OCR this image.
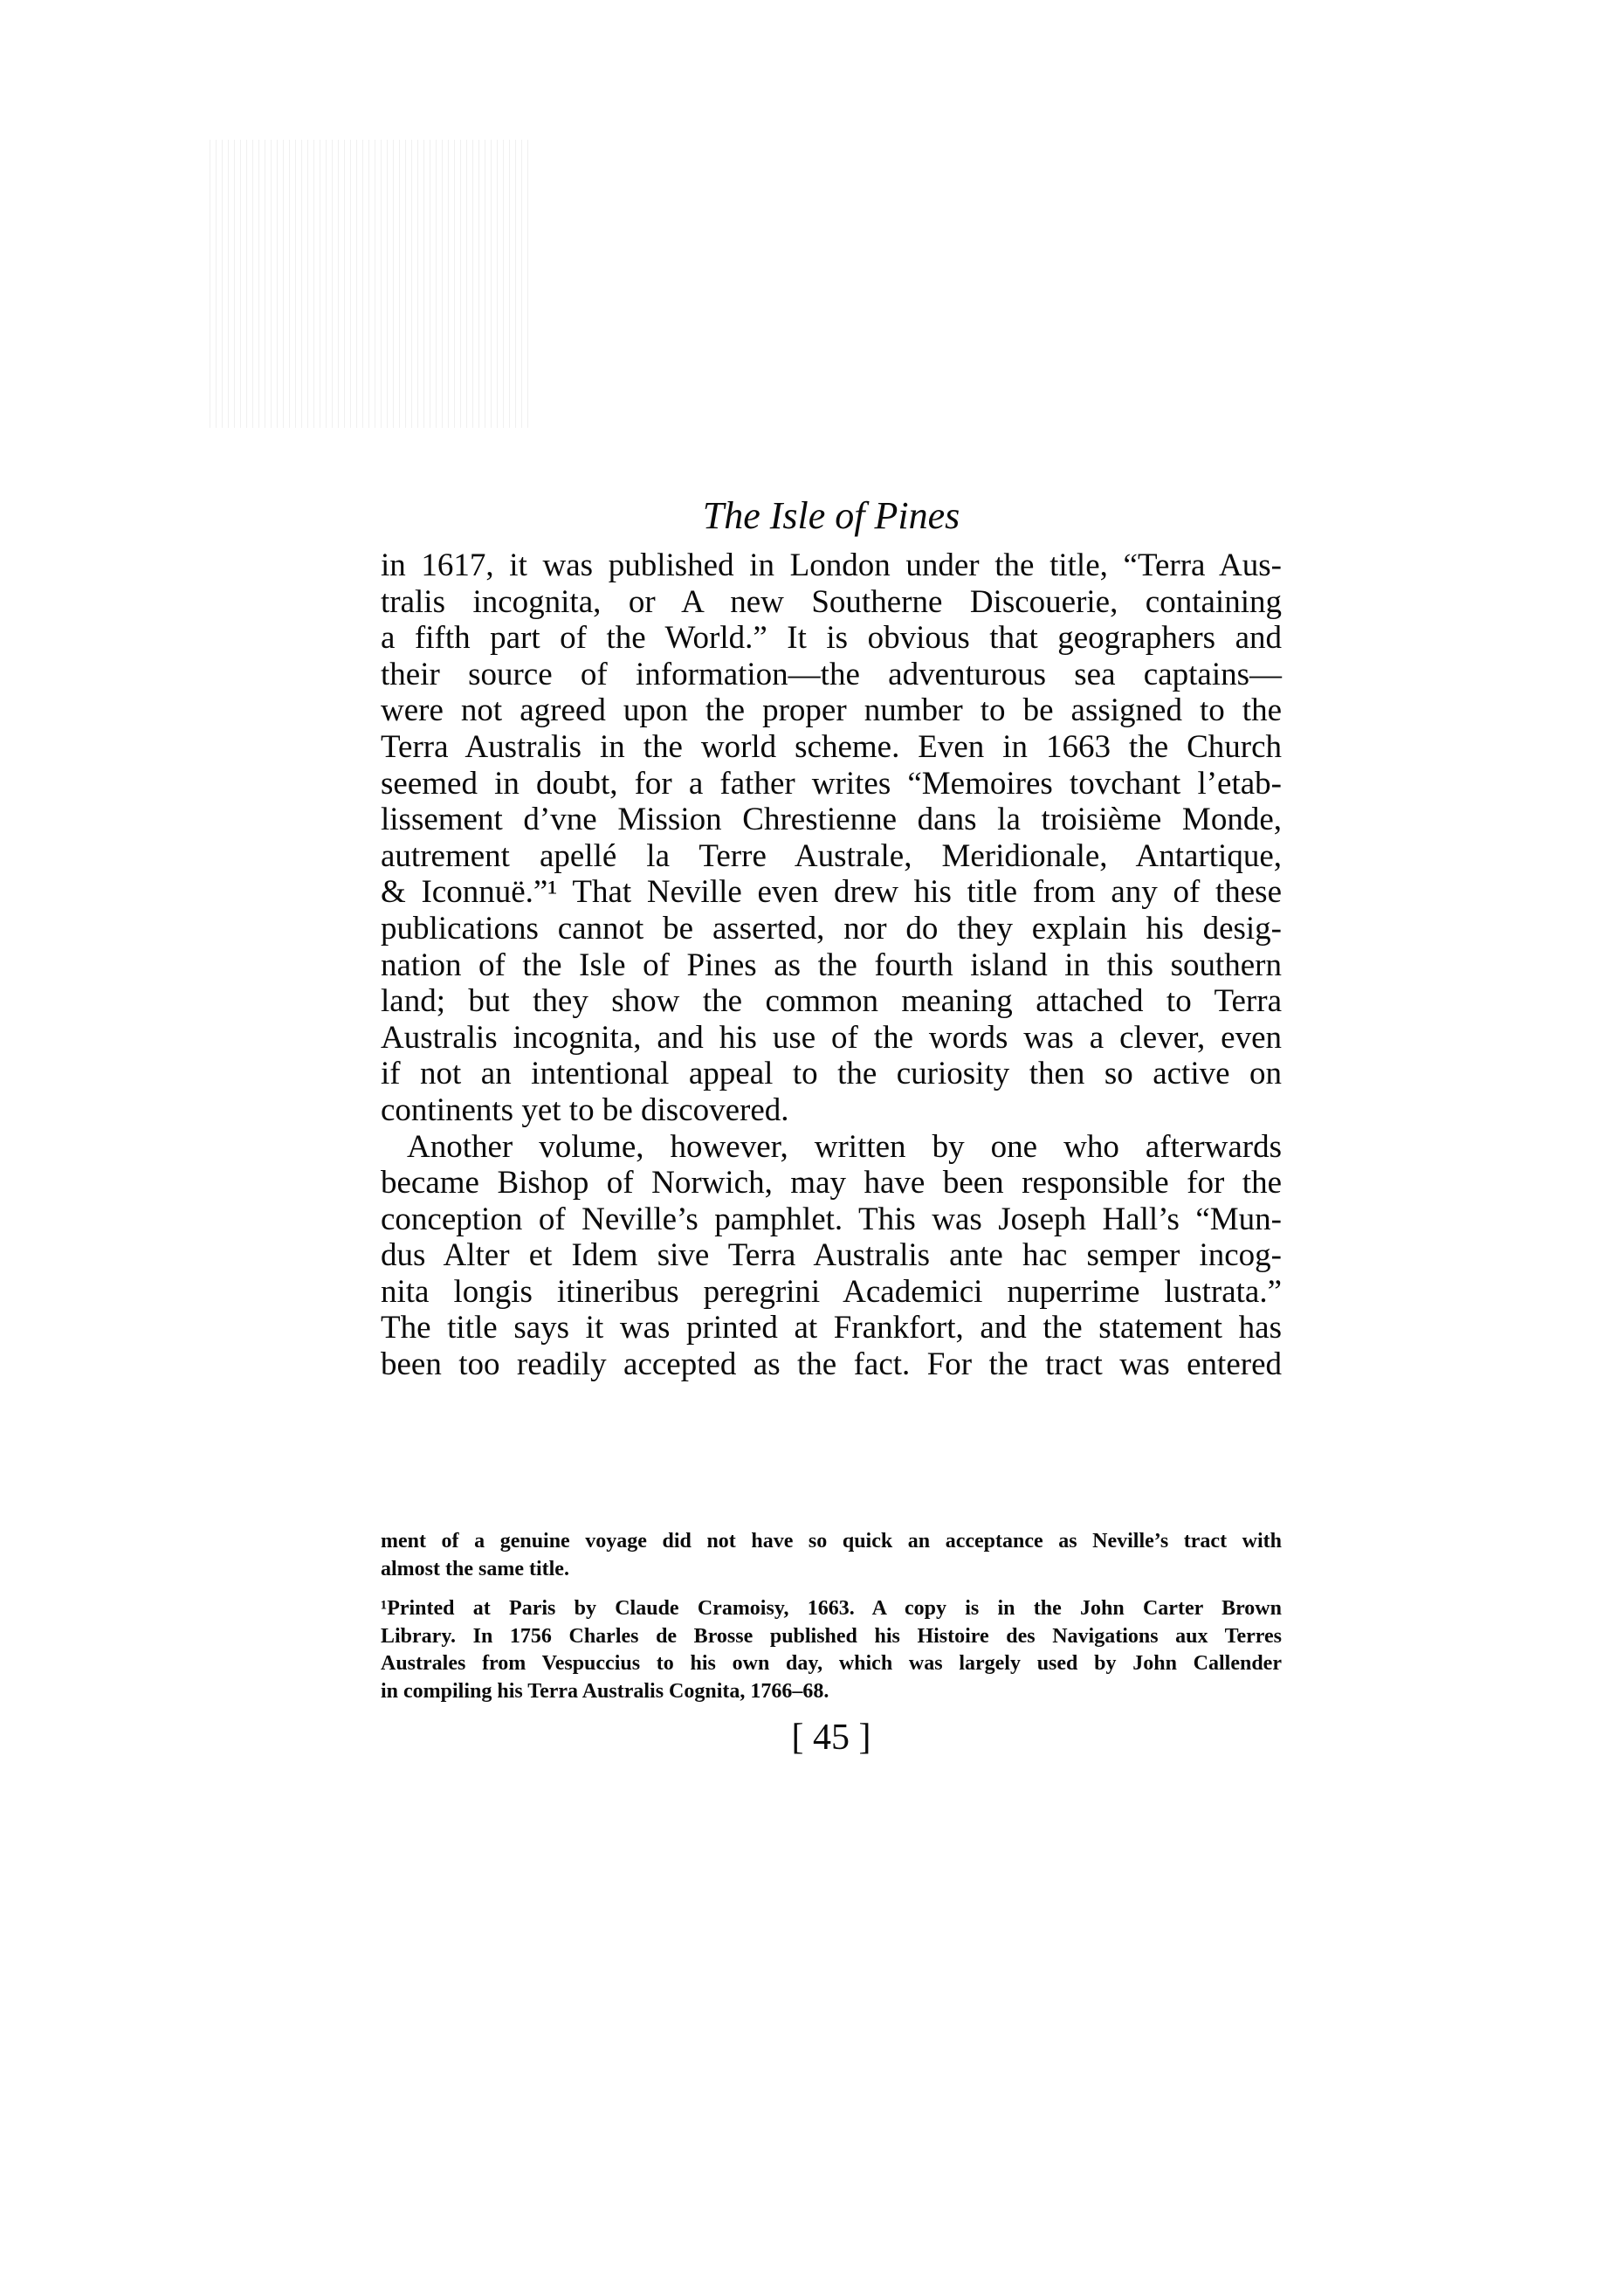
The Isle of Pines
in 1617, it was published in London under the title, “Terra Aus-
tralis incognita, or A new Southerne Discouerie, containing
a fifth part of the World.” It is obvious that geographers and
their source of information—the adventurous sea captains—
were not agreed upon the proper number to be assigned to the
Terra Australis in the world scheme. Even in 1663 the Church
seemed in doubt, for a father writes “Memoires tovchant l’etab-
lissement d’vne Mission Chrestienne dans la troisième Monde,
autrement apellé la Terre Australe, Meridionale, Antartique,
& Iconnuë.”¹ That Neville even drew his title from any of these
publications cannot be asserted, nor do they explain his desig-
nation of the Isle of Pines as the fourth island in this southern
land; but they show the common meaning attached to Terra
Australis incognita, and his use of the words was a clever, even
if not an intentional appeal to the curiosity then so active on
continents yet to be discovered.
Another volume, however, written by one who afterwards
became Bishop of Norwich, may have been responsible for the
conception of Neville’s pamphlet. This was Joseph Hall’s “Mun-
dus Alter et Idem sive Terra Australis ante hac semper incog-
nita longis itineribus peregrini Academici nuperrime lustrata.”
The title says it was printed at Frankfort, and the statement has
been too readily accepted as the fact. For the tract was entered
ment of a genuine voyage did not have so quick an acceptance as Neville’s tract with
almost the same title.
¹Printed at Paris by Claude Cramoisy, 1663. A copy is in the John Carter Brown
Library. In 1756 Charles de Brosse published his Histoire des Navigations aux Terres
Australes from Vespuccius to his own day, which was largely used by John Callender
in compiling his Terra Australis Cognita, 1766–68.
[ 45 ]
